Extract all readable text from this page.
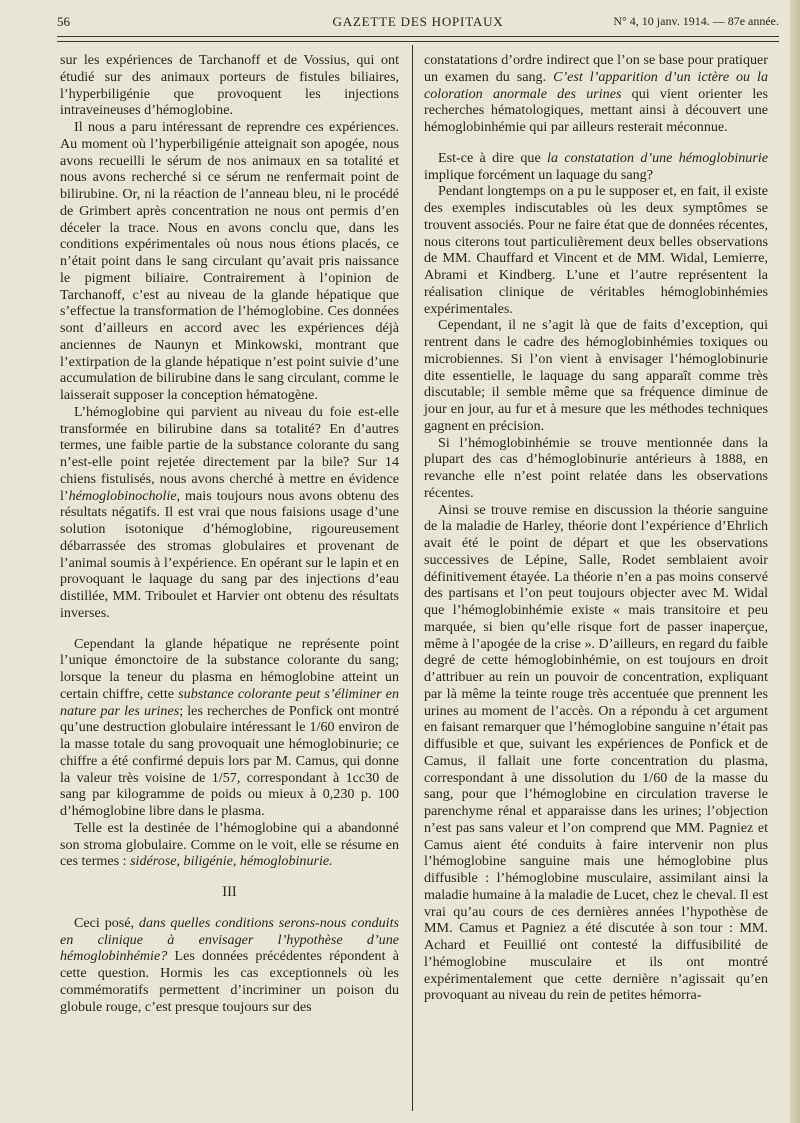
56	GAZETTE DES HOPITAUX	N° 4, 10 janv. 1914. — 87e année.

sur les expériences de Tarchanoff et de Vossius, qui ont étudié sur des animaux porteurs de fistules biliaires, l’hyperbiligénie que provoquent les injections intraveineuses d’hémoglobine.

Il nous a paru intéressant de reprendre ces expériences. Au moment où l’hyperbiligénie atteignait son apogée, nous avons recueilli le sérum de nos animaux en sa totalité et nous avons recherché si ce sérum ne renfermait point de bilirubine. Or, ni la réaction de l’anneau bleu, ni le procédé de Grimbert après concentration ne nous ont permis d’en déceler la trace. Nous en avons conclu que, dans les conditions expérimentales où nous nous étions placés, ce n’était point dans le sang circulant qu’avait pris naissance le pigment biliaire. Contrairement à l’opinion de Tarchanoff, c’est au niveau de la glande hépatique que s’effectue la transformation de l’hémoglobine. Ces données sont d’ailleurs en accord avec les expériences déjà anciennes de Naunyn et Minkowski, montrant que l’extirpation de la glande hépatique n’est point suivie d’une accumulation de bilirubine dans le sang circulant, comme le laisserait supposer la conception hématogène.

L’hémoglobine qui parvient au niveau du foie est-elle transformée en bilirubine dans sa totalité? En d’autres termes, une faible partie de la substance colorante du sang n’est-elle point rejetée directement par la bile? Sur 14 chiens fistulisés, nous avons cherché à mettre en évidence l’hémoglobinocholie, mais toujours nous avons obtenu des résultats négatifs. Il est vrai que nous faisions usage d’une solution isotonique d’hémoglobine, rigoureusement débarrassée des stromas globulaires et provenant de l’animal soumis à l’expérience. En opérant sur le lapin et en provoquant le laquage du sang par des injections d’eau distillée, MM. Triboulet et Harvier ont obtenu des résultats inverses.

Cependant la glande hépatique ne représente point l’unique émonctoire de la substance colorante du sang; lorsque la teneur du plasma en hémoglobine atteint un certain chiffre, cette substance colorante peut s’éliminer en nature par les urines; les recherches de Ponfick ont montré qu’une destruction globulaire intéressant le 1/60 environ de la masse totale du sang provoquait une hémoglobinurie; ce chiffre a été confirmé depuis lors par M. Camus, qui donne la valeur très voisine de 1/57, correspondant à 1cc30 de sang par kilogramme de poids ou mieux à 0,230 p. 100 d’hémoglobine libre dans le plasma.

Telle est la destinée de l’hémoglobine qui a abandonné son stroma globulaire. Comme on le voit, elle se résume en ces termes : sidérose, biligénie, hémoglobinurie.

III

Ceci posé, dans quelles conditions serons-nous conduits en clinique à envisager l’hypothèse d’une hémoglobinhémie? Les données précédentes répondent à cette question. Hormis les cas exceptionnels où les commémoratifs permettent d’incriminer un poison du globule rouge, c’est presque toujours sur des

constatations d’ordre indirect que l’on se base pour pratiquer un examen du sang. C’est l’apparition d’un ictère ou la coloration anormale des urines qui vient orienter les recherches hématologiques, mettant ainsi à découvert une hémoglobinhémie qui par ailleurs resterait méconnue.

Est-ce à dire que la constatation d’une hémoglobinurie implique forcément un laquage du sang?

Pendant longtemps on a pu le supposer et, en fait, il existe des exemples indiscutables où les deux symptômes se trouvent associés. Pour ne faire état que de données récentes, nous citerons tout particulièrement deux belles observations de MM. Chauffard et Vincent et de MM. Widal, Lemierre, Abrami et Kindberg. L’une et l’autre représentent la réalisation clinique de véritables hémoglobinhémies expérimentales.

Cependant, il ne s’agit là que de faits d’exception, qui rentrent dans le cadre des hémoglobinhémies toxiques ou microbiennes. Si l’on vient à envisager l’hémoglobinurie dite essentielle, le laquage du sang apparaît comme très discutable; il semble même que sa fréquence diminue de jour en jour, au fur et à mesure que les méthodes techniques gagnent en précision.

Si l’hémoglobinhémie se trouve mentionnée dans la plupart des cas d’hémoglobinurie antérieurs à 1888, en revanche elle n’est point relatée dans les observations récentes.

Ainsi se trouve remise en discussion la théorie sanguine de la maladie de Harley, théorie dont l’expérience d’Ehrlich avait été le point de départ et que les observations successives de Lépine, Salle, Rodet semblaient avoir définitivement étayée. La théorie n’en a pas moins conservé des partisans et l’on peut toujours objecter avec M. Widal que l’hémoglobinhémie existe « mais transitoire et peu marquée, si bien qu’elle risque fort de passer inaperçue, même à l’apogée de la crise ». D’ailleurs, en regard du faible degré de cette hémoglobinhémie, on est toujours en droit d’attribuer au rein un pouvoir de concentration, expliquant par là même la teinte rouge très accentuée que prennent les urines au moment de l’accès. On a répondu à cet argument en faisant remarquer que l’hémoglobine sanguine n’était pas diffusible et que, suivant les expériences de Ponfick et de Camus, il fallait une forte concentration du plasma, correspondant à une dissolution du 1/60 de la masse du sang, pour que l’hémoglobine en circulation traverse le parenchyme rénal et apparaisse dans les urines; l’objection n’est pas sans valeur et l’on comprend que MM. Pagniez et Camus aient été conduits à faire intervenir non plus l’hémoglobine sanguine mais une hémoglobine plus diffusible : l’hémoglobine musculaire, assimilant ainsi la maladie humaine à la maladie de Lucet, chez le cheval. Il est vrai qu’au cours de ces dernières années l’hypothèse de MM. Camus et Pagniez a été discutée à son tour : MM. Achard et Feuillié ont contesté la diffusibilité de l’hémoglobine musculaire et ils ont montré expérimentalement que cette dernière n’agissait qu’en provoquant au niveau du rein de petites hémorra-
